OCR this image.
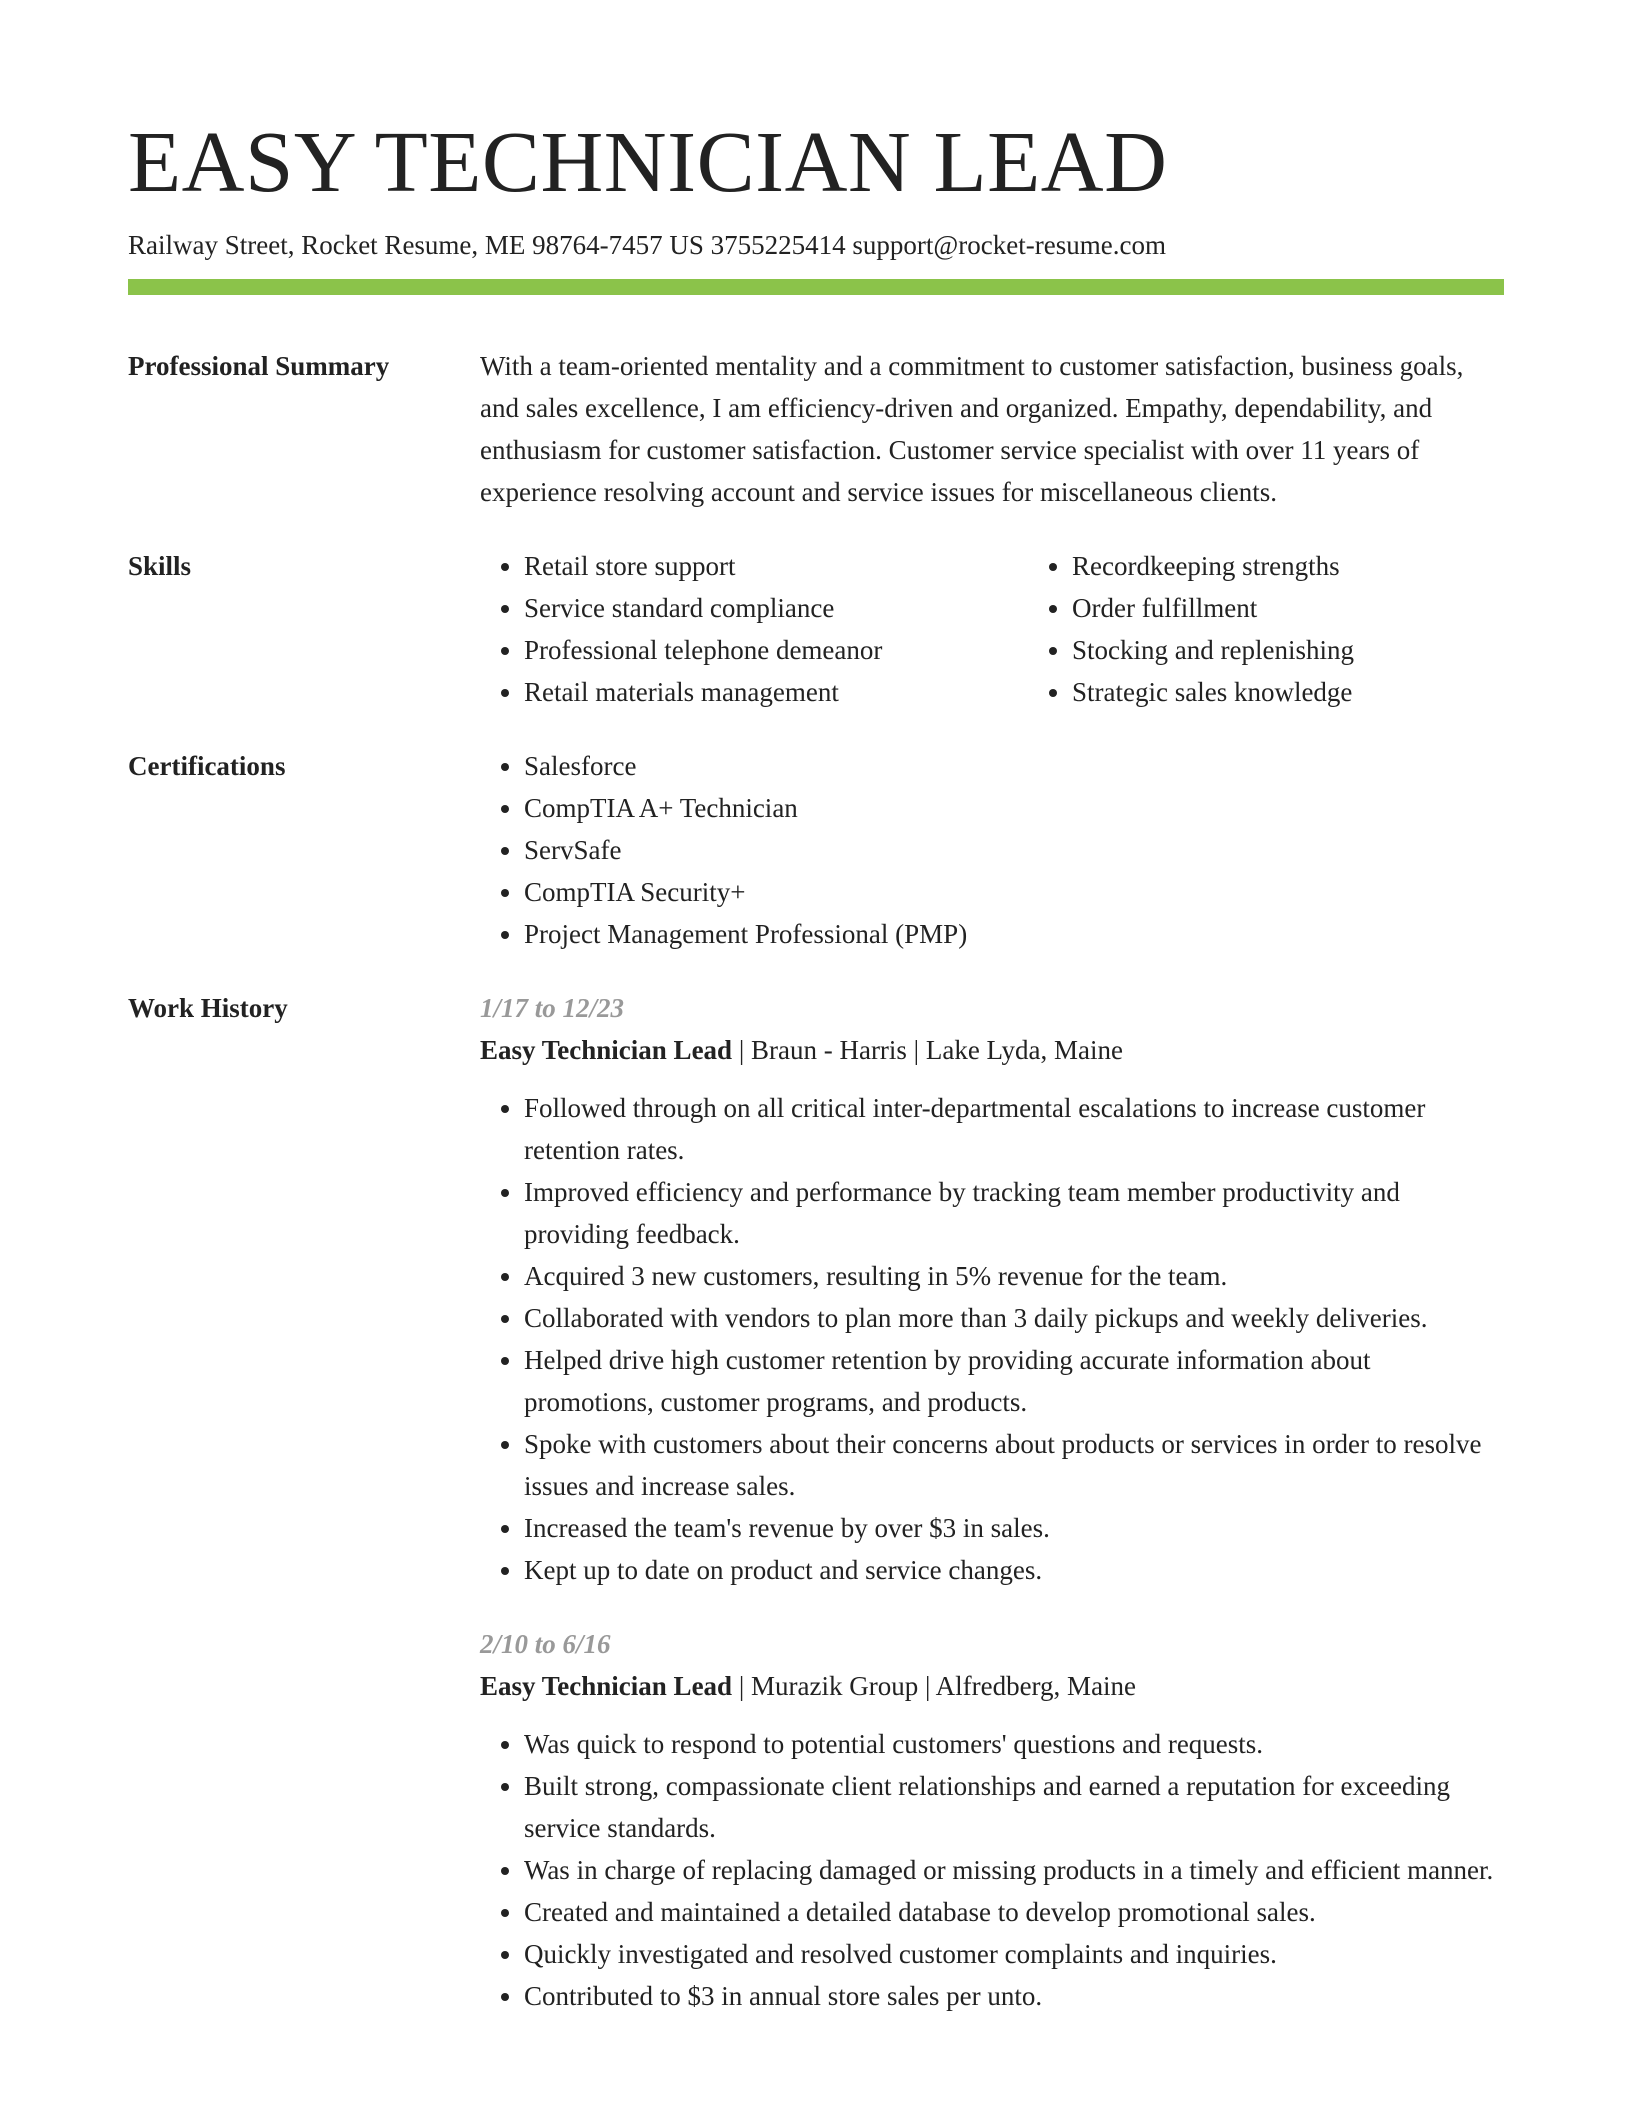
EASY TECHNICIAN LEAD
Railway Street, Rocket Resume, ME 98764-7457 US 3755225414 support@rocket-resume.com
Professional Summary	With a team-oriented mentality and a commitment to customer satisfaction, business goals, and sales excellence, I am efficiency-driven and organized. Empathy, dependability, and enthusiasm for customer satisfaction. Customer service specialist with over 11 years of experience resolving account and service issues for miscellaneous clients.

Skills	• Retail store support
• Service standard compliance
• Professional telephone demeanor
• Retail materials management
• Recordkeeping strengths
• Order fulfillment
• Stocking and replenishing
• Strategic sales knowledge
Certifications	• Salesforce
• CompTIA A+ Technician
• ServSafe
• CompTIA Security+
• Project Management Professional (PMP)
Work History	1/17 to 12/23
Easy Technician Lead | Braun - Harris | Lake Lyda, Maine
• Followed through on all critical inter-departmental escalations to increase customer retention rates.
• Improved efficiency and performance by tracking team member productivity and providing feedback.
• Acquired 3 new customers, resulting in 5% revenue for the team.
• Collaborated with vendors to plan more than 3 daily pickups and weekly deliveries.
• Helped drive high customer retention by providing accurate information about promotions, customer programs, and products.
• Spoke with customers about their concerns about products or services in order to resolve issues and increase sales.
• Increased the team's revenue by over $3 in sales.
• Kept up to date on product and service changes.
2/10 to 6/16
Easy Technician Lead | Murazik Group | Alfredberg, Maine
• Was quick to respond to potential customers' questions and requests.
• Built strong, compassionate client relationships and earned a reputation for exceeding service standards.
• Was in charge of replacing damaged or missing products in a timely and efficient manner.
• Created and maintained a detailed database to develop promotional sales.
• Quickly investigated and resolved customer complaints and inquiries.
• Contributed to $3 in annual store sales per unto.
